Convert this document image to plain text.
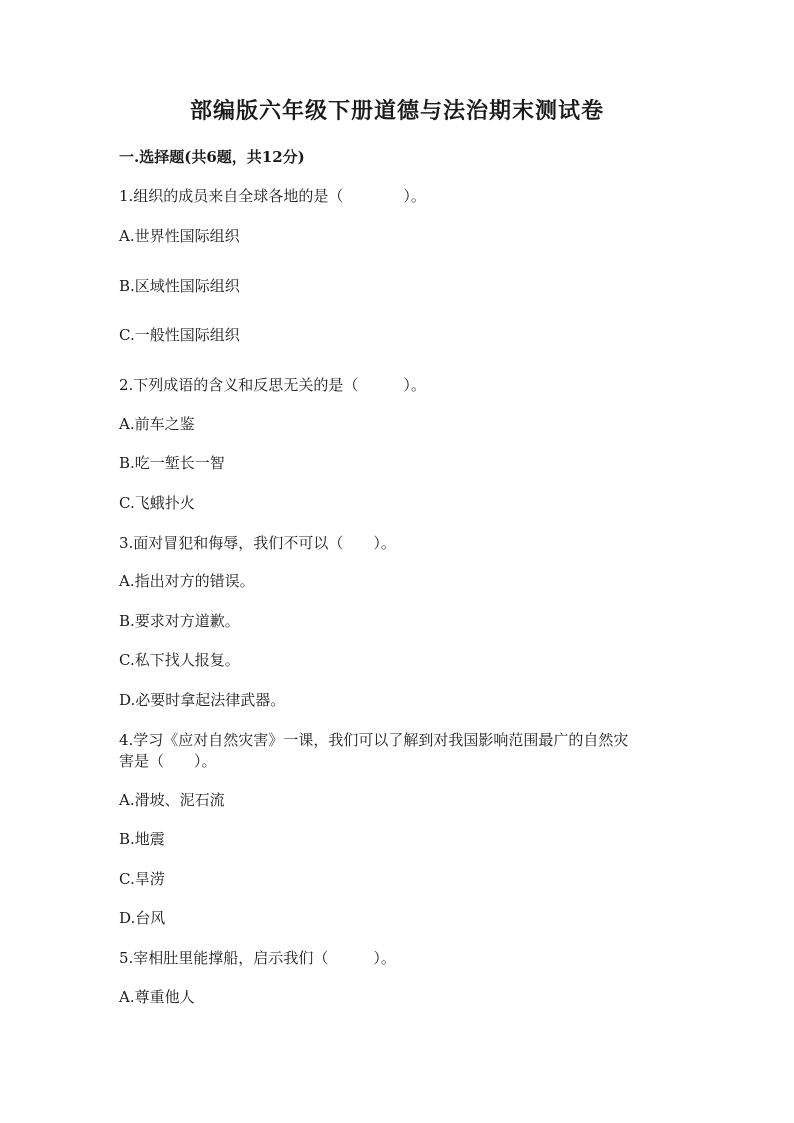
部编版六年级下册道德与法治期末测试卷
一.选择题(共6题，共12分)
1.组织的成员来自全球各地的是（　　　　）。
A.世界性国际组织
B.区域性国际组织
C.一般性国际组织
2.下列成语的含义和反思无关的是（　　　）。
A.前车之鉴
B.吃一堑长一智
C.飞蛾扑火
3.面对冒犯和侮辱，我们不可以（　　）。
A.指出对方的错误。
B.要求对方道歉。
C.私下找人报复。
D.必要时拿起法律武器。
4.学习《应对自然灾害》一课，我们可以了解到对我国影响范围最广的自然灾
害是（　　）。
A.滑坡、泥石流
B.地震
C.旱涝
D.台风
5.宰相肚里能撑船，启示我们（　　　）。
A.尊重他人
